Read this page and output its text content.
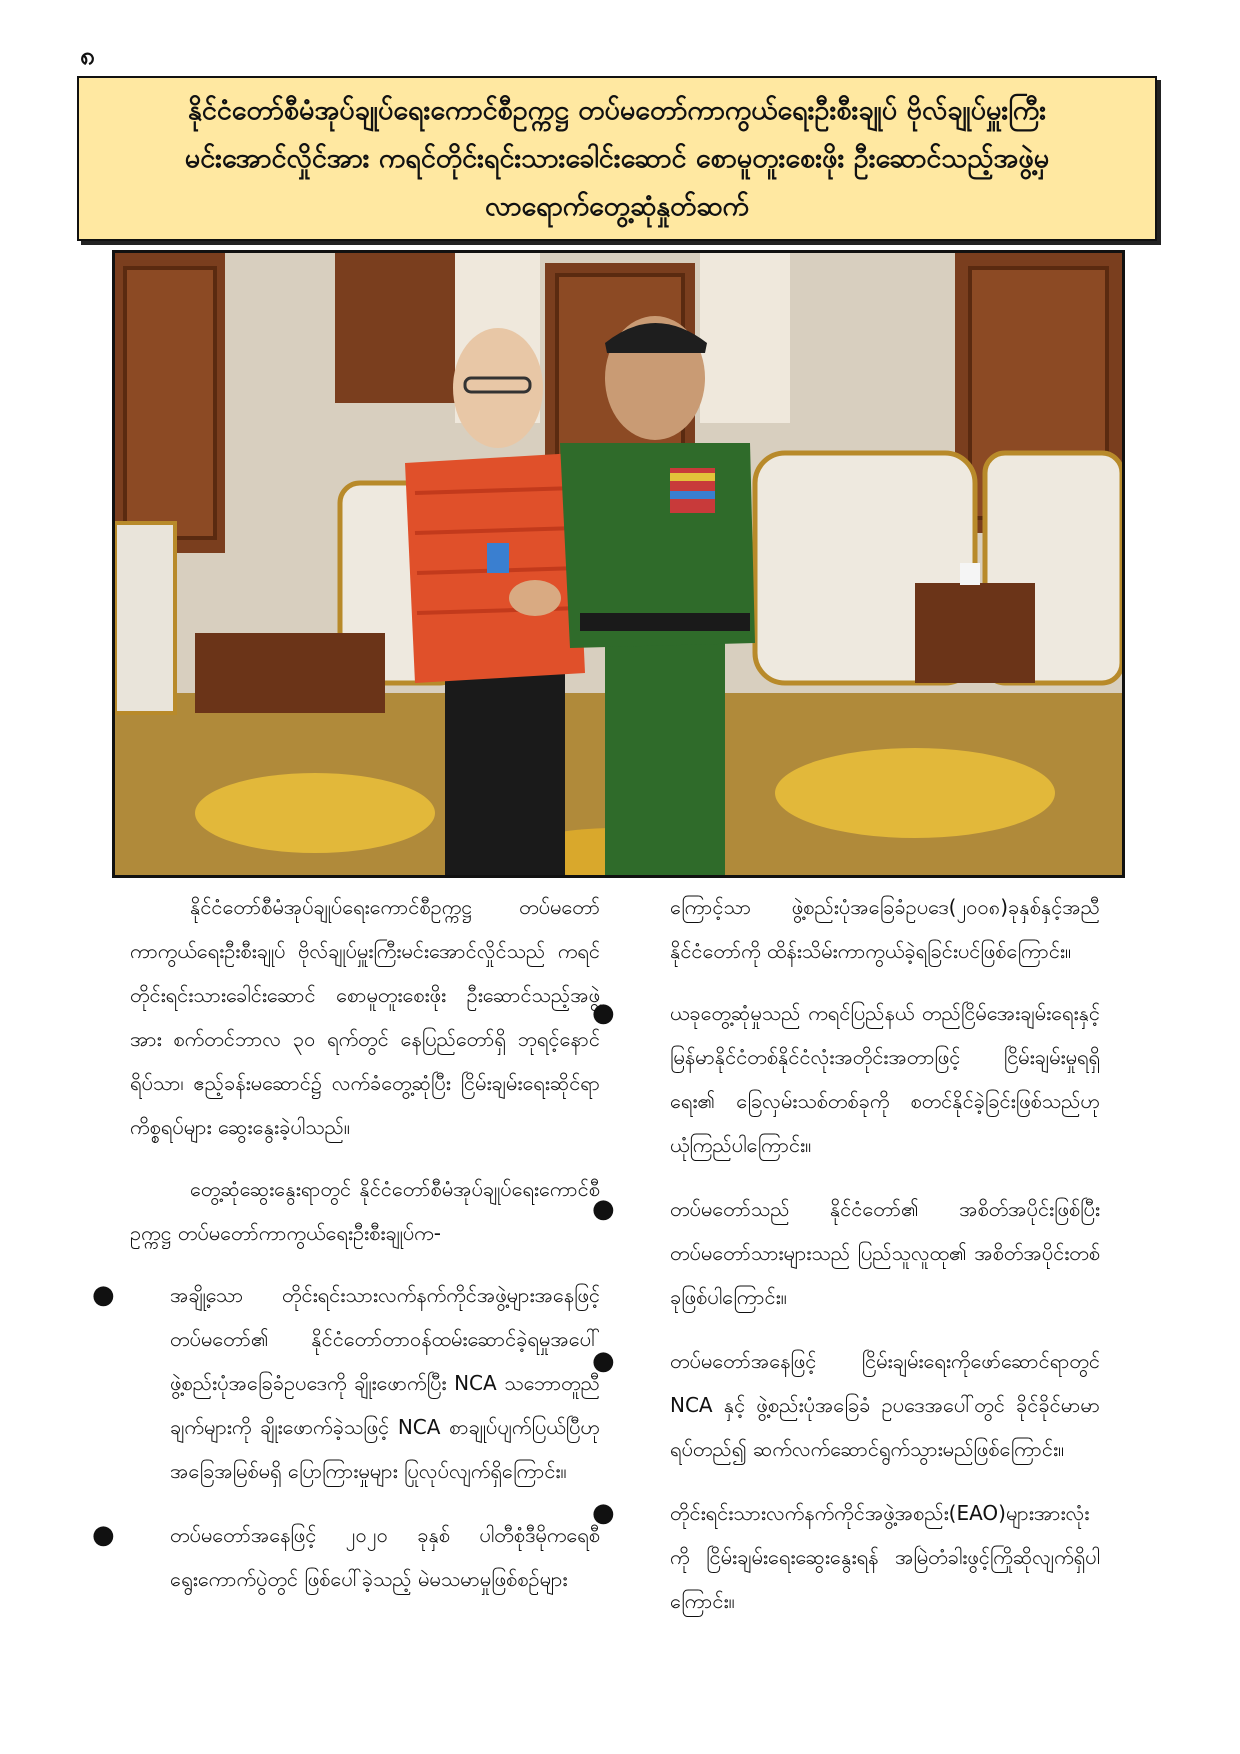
၈
နိုင်ငံတော်စီမံအုပ်ချုပ်ရေးကောင်စီဥက္ကဋ္ဌ တပ်မတော်ကာကွယ်ရေးဦးစီးချုပ် ဗိုလ်ချုပ်မှူးကြီး
မင်းအောင်လှိုင်အား ကရင်တိုင်းရင်းသားခေါင်းဆောင် စောမူတူးစေးဖိုး ဦးဆောင်သည့်အဖွဲ့မှ
လာရောက်တွေ့ဆုံနှုတ်ဆက်

နိုင်ငံတော်စီမံအုပ်ချုပ်ရေးကောင်စီဥက္ကဋ္ဌ တပ်မတော်ကာကွယ်ရေးဦးစီးချုပ် ဗိုလ်ချုပ်မှူးကြီးမင်းအောင်လှိုင်သည် ကရင်တိုင်းရင်းသားခေါင်းဆောင် စောမူတူးစေးဖိုး ဦးဆောင်သည့်အဖွဲ့အား စက်တင်ဘာလ ၃၀ ရက်တွင် နေပြည်တော်ရှိ ဘုရင့်နောင်ရိပ်သာ၊ ဧည့်ခန်းမဆောင်၌ လက်ခံတွေ့ဆုံပြီး ငြိမ်းချမ်းရေးဆိုင်ရာကိစ္စရပ်များ ဆွေးနွေးခဲ့ပါသည်။

တွေ့ဆုံဆွေးနွေးရာတွင် နိုင်ငံတော်စီမံအုပ်ချုပ်ရေးကောင်စီဥက္ကဋ္ဌ တပ်မတော်ကာကွယ်ရေးဦးစီးချုပ်က-

●	အချို့သော တိုင်းရင်းသားလက်နက်ကိုင်အဖွဲ့များအနေဖြင့် တပ်မတော်၏ နိုင်ငံတော်တာဝန်ထမ်းဆောင်ခဲ့ရမှုအပေါ် ဖွဲ့စည်းပုံအခြေခံဥပဒေကို ချိုးဖောက်ပြီး NCA သဘောတူညီချက်များကို ချိုးဖောက်ခဲ့သဖြင့် NCA စာချုပ်ပျက်ပြယ်ပြီဟု အခြေအမြစ်မရှိ ပြောကြားမှုများ ပြုလုပ်လျက်ရှိကြောင်း။
●	တပ်မတော်အနေဖြင့် ၂၀၂၀ ခုနှစ် ပါတီစုံဒီမိုကရေစီရွေးကောက်ပွဲတွင် ဖြစ်ပေါ်ခဲ့သည့် မဲမသမာမှုဖြစ်စဉ်များ

ကြောင့်သာ ဖွဲ့စည်းပုံအခြေခံဥပဒေ(၂၀၀၈)ခုနှစ်နှင့်အညီ နိုင်ငံတော်ကို ထိန်းသိမ်းကာကွယ်ခဲ့ရခြင်းပင်ဖြစ်ကြောင်း။

●	ယခုတွေ့ဆုံမှုသည် ကရင်ပြည်နယ် တည်ငြိမ်အေးချမ်းရေးနှင့် မြန်မာနိုင်ငံတစ်နိုင်ငံလုံးအတိုင်းအတာဖြင့် ငြိမ်းချမ်းမှုရရှိရေး၏ ခြေလှမ်းသစ်တစ်ခုကို စတင်နိုင်ခဲ့ခြင်းဖြစ်သည်ဟု ယုံကြည်ပါကြောင်း။
●	တပ်မတော်သည် နိုင်ငံတော်၏ အစိတ်အပိုင်းဖြစ်ပြီး တပ်မတော်သားများသည် ပြည်သူလူထု၏ အစိတ်အပိုင်းတစ်ခုဖြစ်ပါကြောင်း။
●	တပ်မတော်အနေဖြင့် ငြိမ်းချမ်းရေးကိုဖော်ဆောင်ရာတွင် NCA နှင့် ဖွဲ့စည်းပုံအခြေခံ ဥပဒေအပေါ်တွင် ခိုင်ခိုင်မာမာ ရပ်တည်၍ ဆက်လက်ဆောင်ရွက်သွားမည်ဖြစ်ကြောင်း။
●	တိုင်းရင်းသားလက်နက်ကိုင်အဖွဲ့အစည်း(EAO)များအားလုံးကို ငြိမ်းချမ်းရေးဆွေးနွေးရန် အမြဲတံခါးဖွင့်ကြိုဆိုလျက်ရှိပါကြောင်း။
